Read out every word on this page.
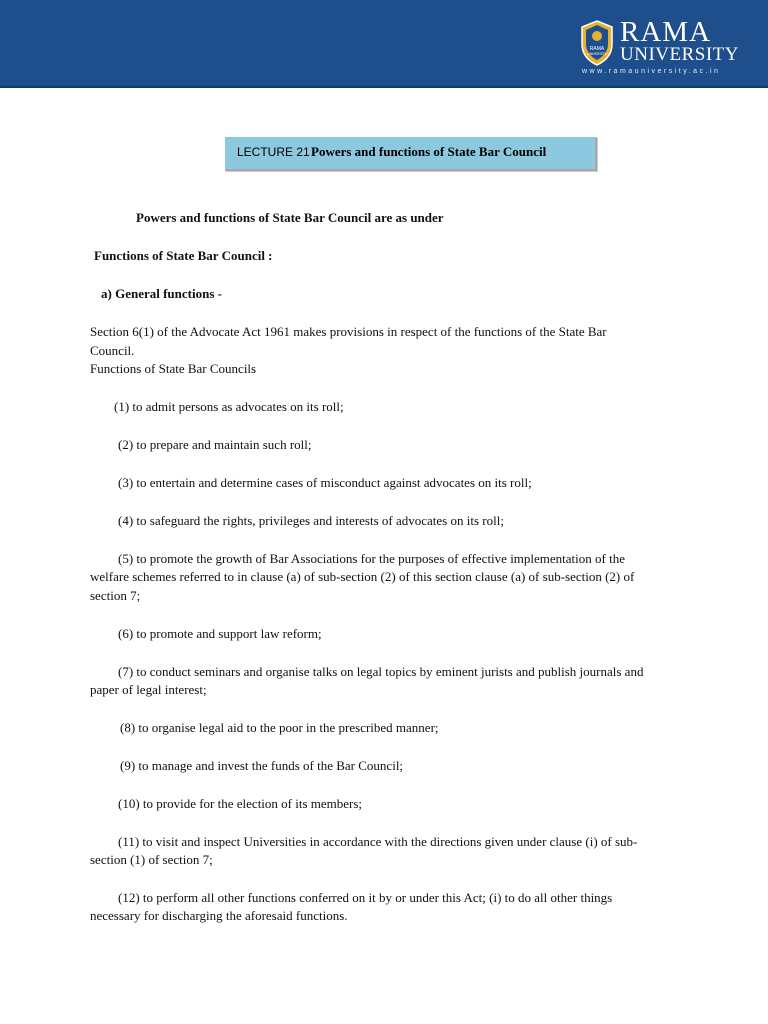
RAMA
UNIVERSITY
RAMA
UNIVERSITY
www.ramauniversity.ac.in
LECTURE 21 Powers and functions of State Bar Council
Powers and functions of State Bar Council are as under
Functions of State Bar Council :
a) General functions -
Section 6(1) of the Advocate Act 1961 makes provisions in respect of the functions of the State Bar
Council.
Functions of State Bar Councils
(1) to admit persons as advocates on its roll;
(2) to prepare and maintain such roll;
(3) to entertain and determine cases of misconduct against advocates on its roll;
(4) to safeguard the rights, privileges and interests of advocates on its roll;
(5) to promote the growth of Bar Associations for the purposes of effective implementation of the
welfare schemes referred to in clause (a) of sub-section (2) of this section clause (a) of sub-section (2) of
section 7;
(6) to promote and support law reform;
(7) to conduct seminars and organise talks on legal topics by eminent jurists and publish journals and
paper of legal interest;
(8) to organise legal aid to the poor in the prescribed manner;
(9) to manage and invest the funds of the Bar Council;
(10) to provide for the election of its members;
(11) to visit and inspect Universities in accordance with the directions given under clause (i) of sub-
section (1) of section 7;
(12) to perform all other functions conferred on it by or under this Act; (i) to do all other things
necessary for discharging the aforesaid functions.
